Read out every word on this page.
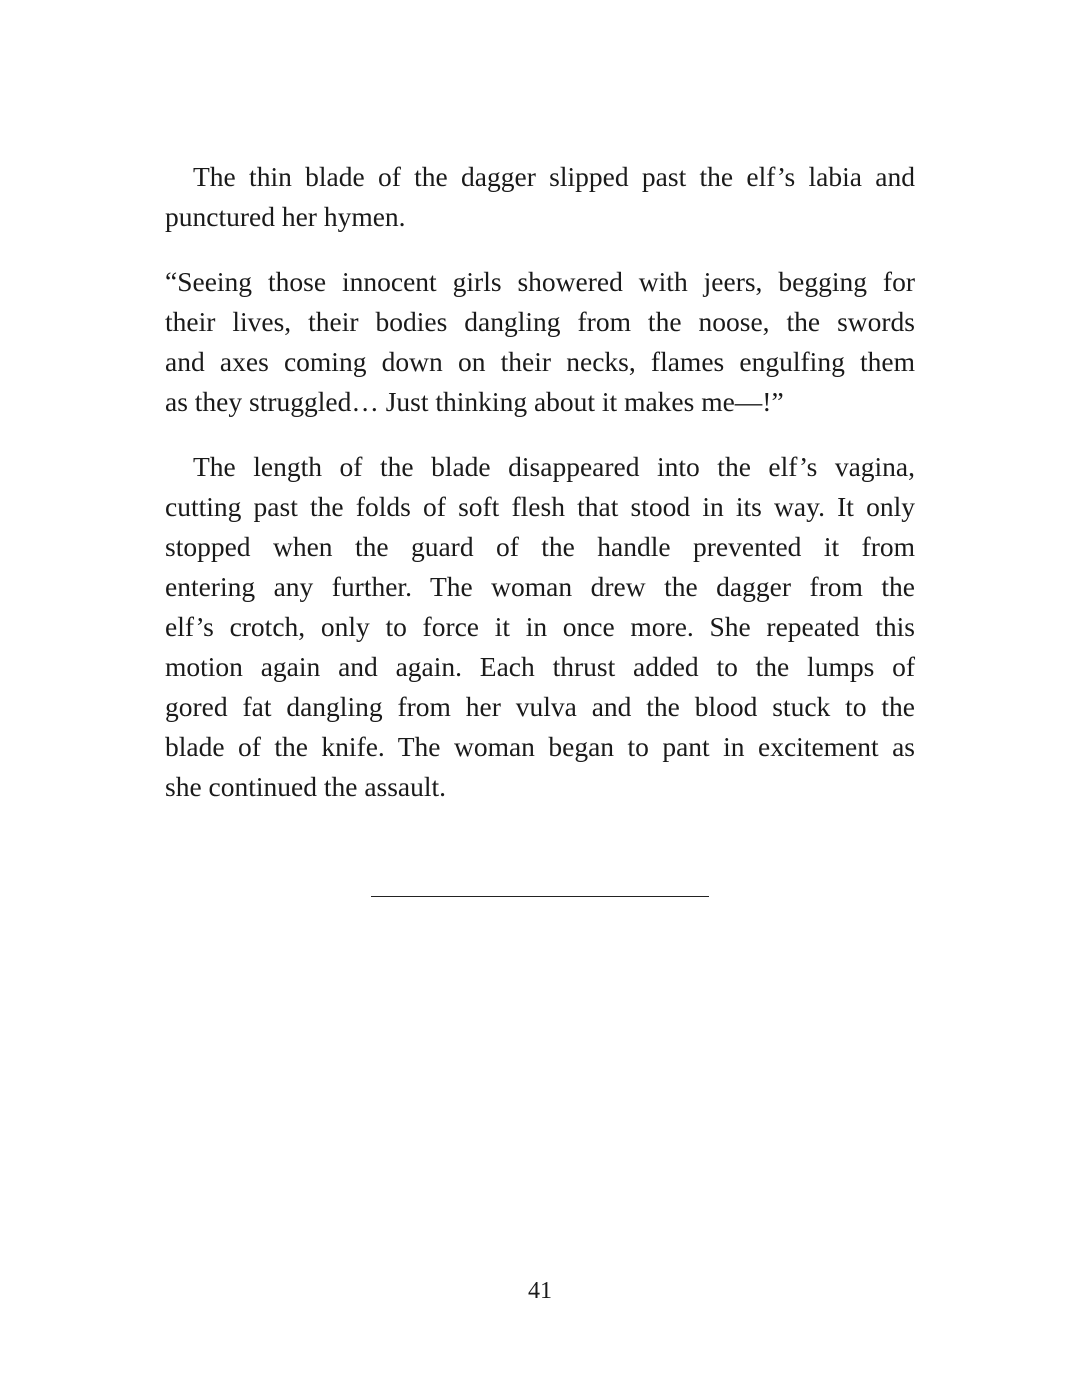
The thin blade of the dagger slipped past the elf’s labia and
punctured her hymen.
“Seeing those innocent girls showered with jeers, begging for
their lives, their bodies dangling from the noose, the swords
and axes coming down on their necks, flames engulfing them
as they struggled… Just thinking about it makes me—!”
The length of the blade disappeared into the elf’s vagina,
cutting past the folds of soft flesh that stood in its way. It only
stopped when the guard of the handle prevented it from
entering any further. The woman drew the dagger from the
elf’s crotch, only to force it in once more. She repeated this
motion again and again. Each thrust added to the lumps of
gored fat dangling from her vulva and the blood stuck to the
blade of the knife. The woman began to pant in excitement as
she continued the assault.
41
